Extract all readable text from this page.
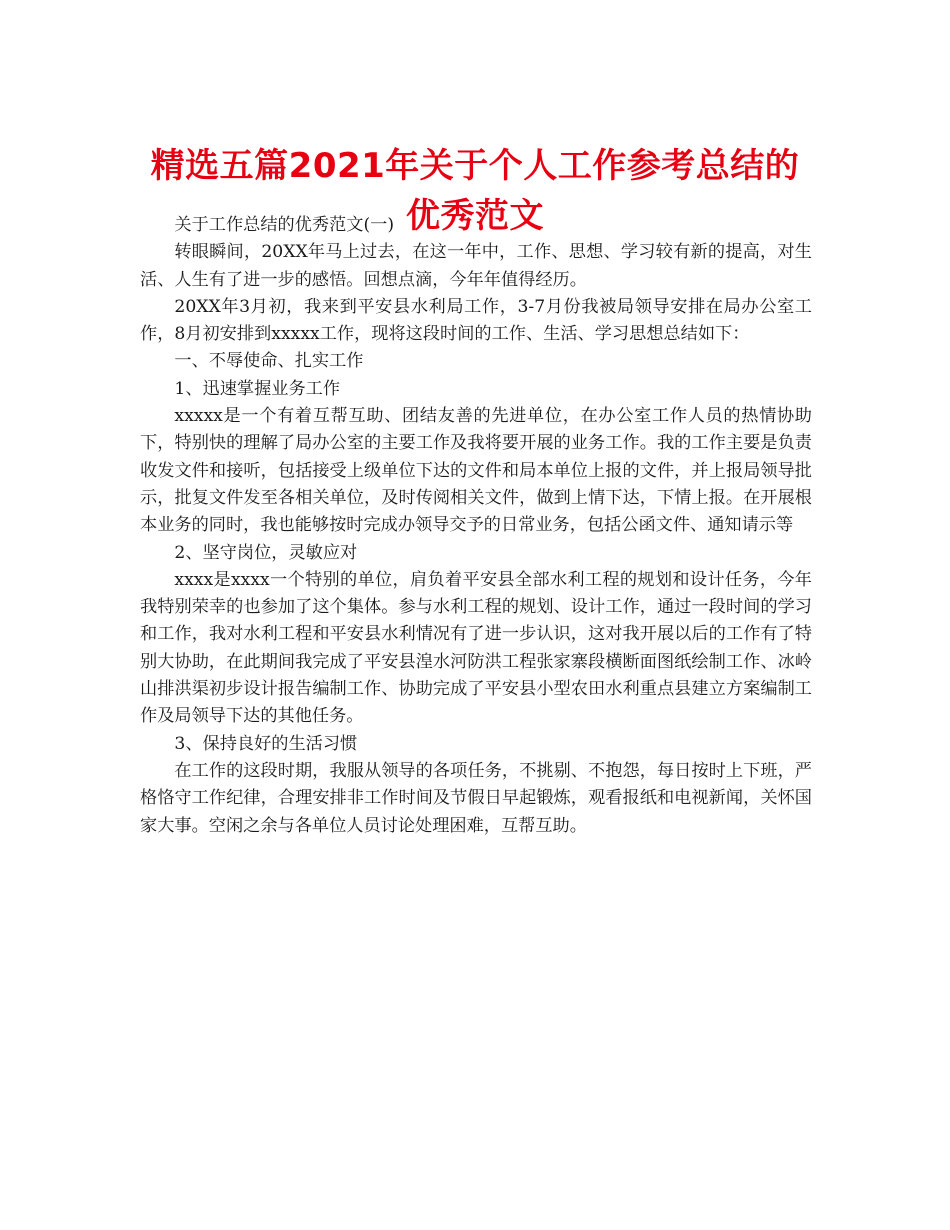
精选五篇2021年关于个人工作参考总结的优秀范文

关于工作总结的优秀范文(一)

转眼瞬间，20XX年马上过去，在这一年中，工作、思想、学习较有新的提高，对生活、人生有了进一步的感悟。回想点滴，今年年值得经历。

20XX年3月初，我来到平安县水利局工作，3-7月份我被局领导安排在局办公室工作，8月初安排到xxxxx工作，现将这段时间的工作、生活、学习思想总结如下：

一、不辱使命、扎实工作

1、迅速掌握业务工作

xxxxx是一个有着互帮互助、团结友善的先进单位，在办公室工作人员的热情协助下，特别快的理解了局办公室的主要工作及我将要开展的业务工作。我的工作主要是负责收发文件和接听，包括接受上级单位下达的文件和局本单位上报的文件，并上报局领导批示，批复文件发至各相关单位，及时传阅相关文件，做到上情下达，下情上报。在开展根本业务的同时，我也能够按时完成办领导交予的日常业务，包括公函文件、通知请示等

2、坚守岗位，灵敏应对

xxxx是xxxx一个特别的单位，肩负着平安县全部水利工程的规划和设计任务，今年我特别荣幸的也参加了这个集体。参与水利工程的规划、设计工作，通过一段时间的学习和工作，我对水利工程和平安县水利情况有了进一步认识，这对我开展以后的工作有了特别大协助，在此期间我完成了平安县湟水河防洪工程张家寨段横断面图纸绘制工作、冰岭山排洪渠初步设计报告编制工作、协助完成了平安县小型农田水利重点县建立方案编制工作及局领导下达的其他任务。

3、保持良好的生活习惯

在工作的这段时期，我服从领导的各项任务，不挑剔、不抱怨，每日按时上下班，严格恪守工作纪律，合理安排非工作时间及节假日早起锻炼，观看报纸和电视新闻，关怀国家大事。空闲之余与各单位人员讨论处理困难，互帮互助。
